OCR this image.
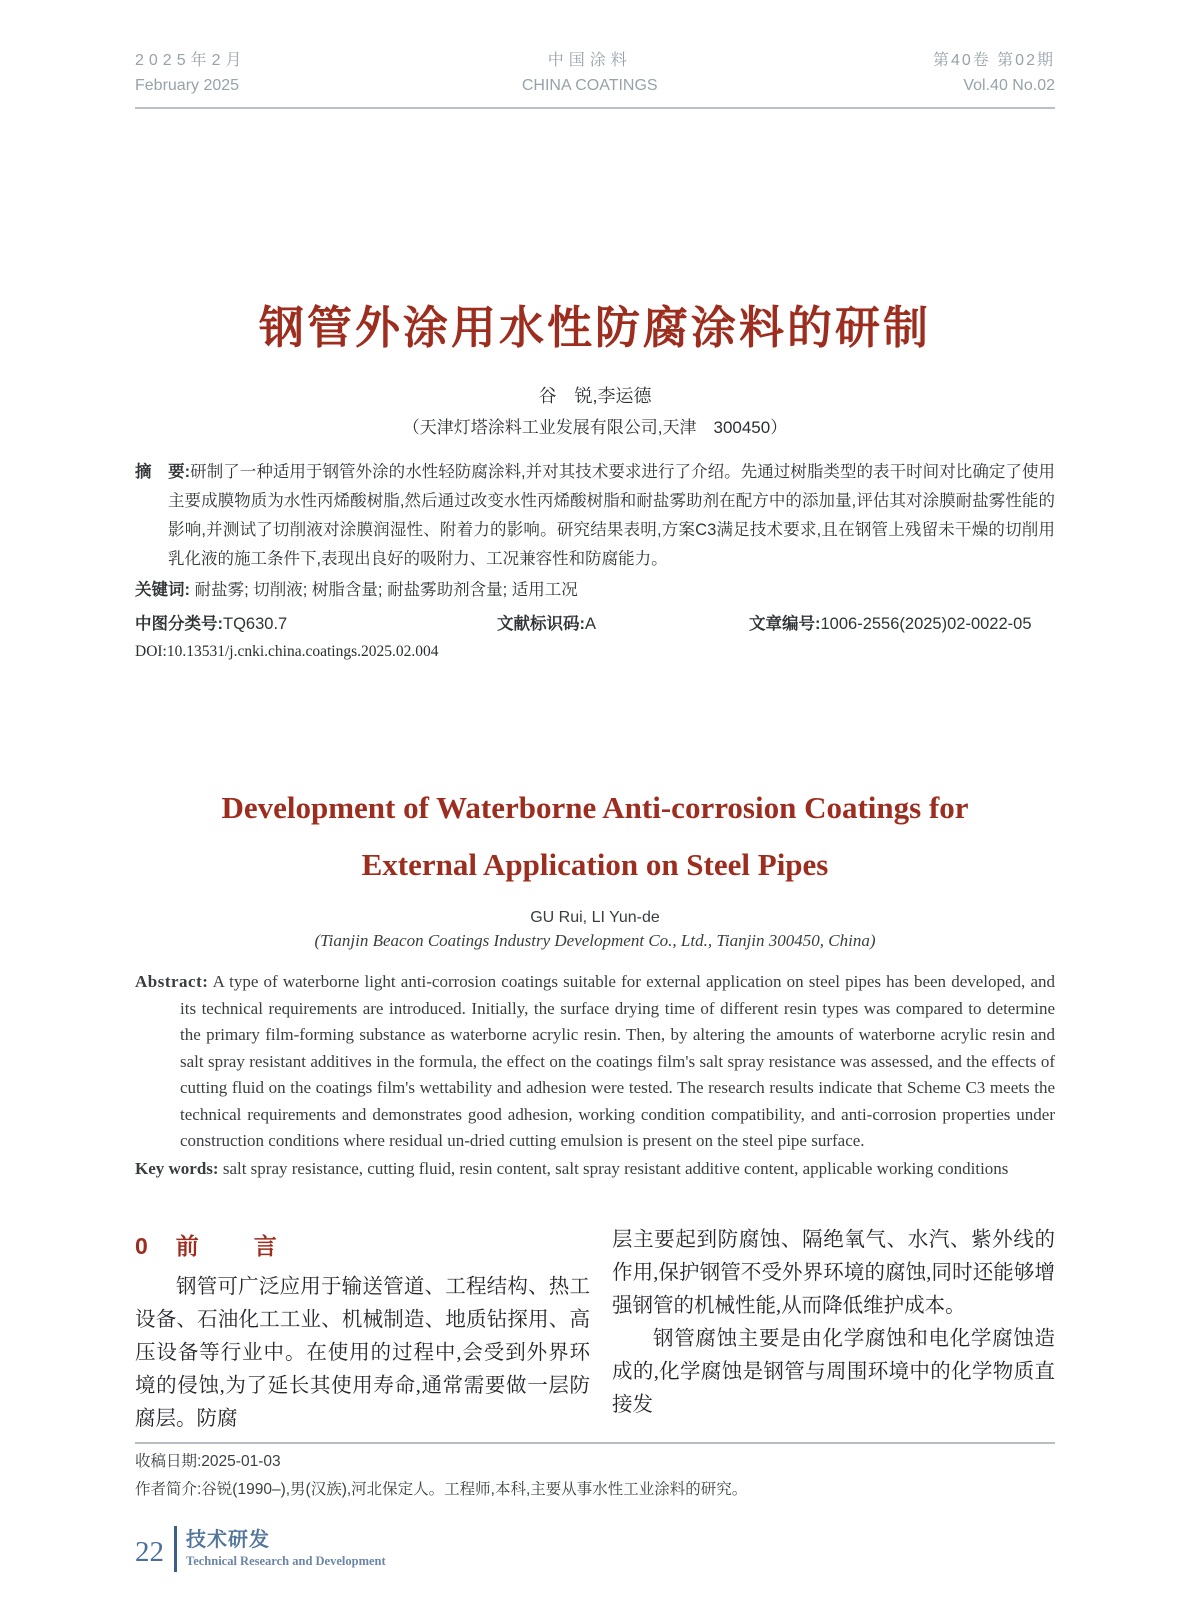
2025年2月
February 2025
中国涂料
CHINA COATINGS
第40卷 第02期
Vol.40 No.02
钢管外涂用水性防腐涂料的研制
谷　锐,李运德
（天津灯塔涂料工业发展有限公司,天津　300450）

摘　要:研制了一种适用于钢管外涂的水性轻防腐涂料,并对其技术要求进行了介绍。先通过树脂类型的表干时间对比确定了使用主要成膜物质为水性丙烯酸树脂,然后通过改变水性丙烯酸树脂和耐盐雾助剂在配方中的添加量,评估其对涂膜耐盐雾性能的影响,并测试了切削液对涂膜润湿性、附着力的影响。研究结果表明,方案C3满足技术要求,且在钢管上残留未干燥的切削用乳化液的施工条件下,表现出良好的吸附力、工况兼容性和防腐能力。

关键词: 耐盐雾; 切削液; 树脂含量; 耐盐雾助剂含量; 适用工况

中图分类号:TQ630.7	文献标识码:A	文章编号:1006-2556(2025)02-0022-05
DOI:10.13531/j.cnki.china.coatings.2025.02.004
Development of Waterborne Anti-corrosion Coatings for
External Application on Steel Pipes
GU Rui, LI Yun-de
(Tianjin Beacon Coatings Industry Development Co., Ltd., Tianjin 300450, China)

Abstract: A type of waterborne light anti-corrosion coatings suitable for external application on steel pipes has been developed, and its technical requirements are introduced. Initially, the surface drying time of different resin types was compared to determine the primary film-forming substance as waterborne acrylic resin. Then, by altering the amounts of waterborne acrylic resin and salt spray resistant additives in the formula, the effect on the coatings film's salt spray resistance was assessed, and the effects of cutting fluid on the coatings film's wettability and adhesion were tested. The research results indicate that Scheme C3 meets the technical requirements and demonstrates good adhesion, working condition compatibility, and anti-corrosion properties under construction conditions where residual un-dried cutting emulsion is present on the steel pipe surface.

Key words: salt spray resistance, cutting fluid, resin content, salt spray resistant additive content, applicable working conditions

0 前　言

钢管可广泛应用于输送管道、工程结构、热工设备、石油化工工业、机械制造、地质钻探用、高压设备等行业中。在使用的过程中,会受到外界环境的侵蚀,为了延长其使用寿命,通常需要做一层防腐层。防腐

层主要起到防腐蚀、隔绝氧气、水汽、紫外线的作用,保护钢管不受外界环境的腐蚀,同时还能够增强钢管的机械性能,从而降低维护成本。

钢管腐蚀主要是由化学腐蚀和电化学腐蚀造成的,化学腐蚀是钢管与周围环境中的化学物质直接发

收稿日期:2025-01-03
作者简介:谷锐(1990–),男(汉族),河北保定人。工程师,本科,主要从事水性工业涂料的研究。
22 技术研发
Technical Research and Development
